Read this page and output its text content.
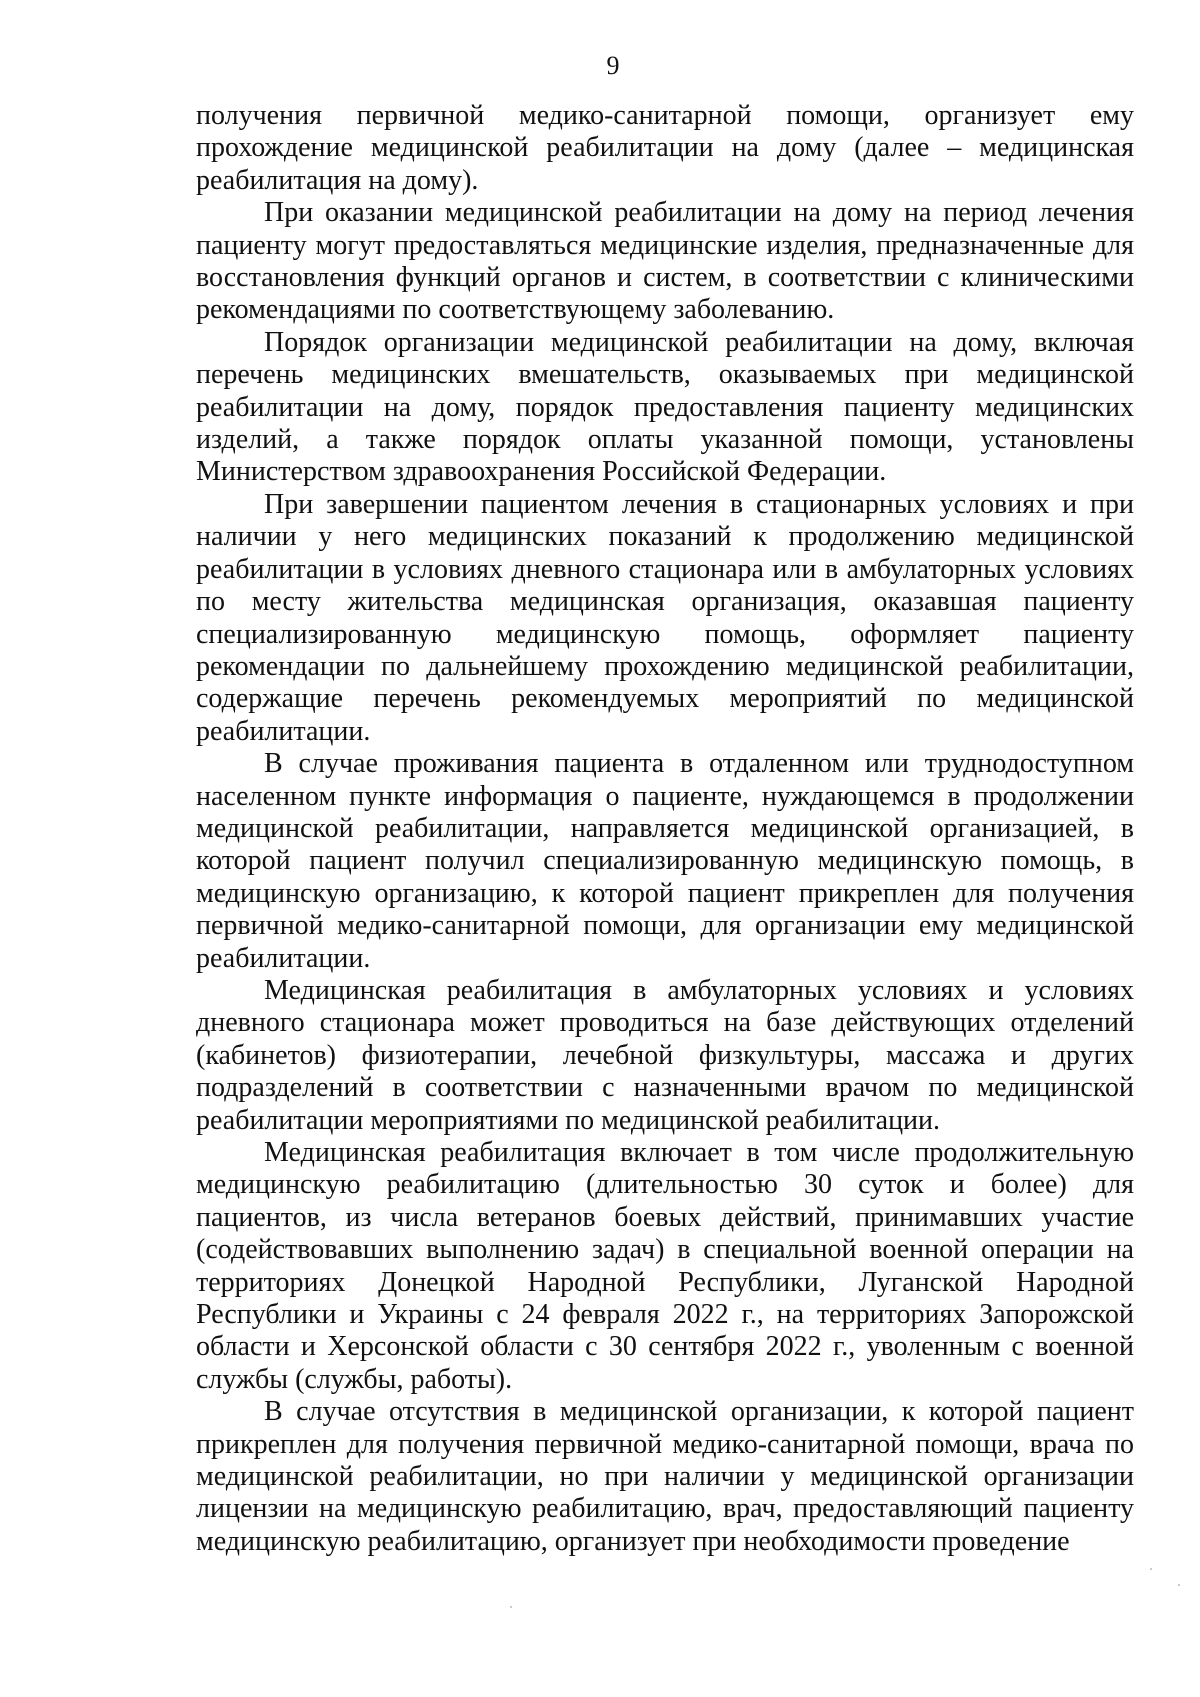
9

получения первичной медико-санитарной помощи, организует ему прохождение медицинской реабилитации на дому (далее – медицинская реабилитация на дому).

При оказании медицинской реабилитации на дому на период лечения пациенту могут предоставляться медицинские изделия, предназначенные для восстановления функций органов и систем, в соответствии с клиническими рекомендациями по соответствующему заболеванию.

Порядок организации медицинской реабилитации на дому, включая перечень медицинских вмешательств, оказываемых при медицинской реабилитации на дому, порядок предоставления пациенту медицинских изделий, а также порядок оплаты указанной помощи, установлены Министерством здравоохранения Российской Федерации.

При завершении пациентом лечения в стационарных условиях и при наличии у него медицинских показаний к продолжению медицинской реабилитации в условиях дневного стационара или в амбулаторных условиях по месту жительства медицинская организация, оказавшая пациенту специализированную медицинскую помощь, оформляет пациенту рекомендации по дальнейшему прохождению медицинской реабилитации, содержащие перечень рекомендуемых мероприятий по медицинской реабилитации.

В случае проживания пациента в отдаленном или труднодоступном населенном пункте информация о пациенте, нуждающемся в продолжении медицинской реабилитации, направляется медицинской организацией, в которой пациент получил специализированную медицинскую помощь, в медицинскую организацию, к которой пациент прикреплен для получения первичной медико-санитарной помощи, для организации ему медицинской реабилитации.

Медицинская реабилитация в амбулаторных условиях и условиях дневного стационара может проводиться на базе действующих отделений (кабинетов) физиотерапии, лечебной физкультуры, массажа и других подразделений в соответствии с назначенными врачом по медицинской реабилитации мероприятиями по медицинской реабилитации.

Медицинская реабилитация включает в том числе продолжительную медицинскую реабилитацию (длительностью 30 суток и более) для пациентов, из числа ветеранов боевых действий, принимавших участие (содействовавших выполнению задач) в специальной военной операции на территориях Донецкой Народной Республики, Луганской Народной Республики и Украины с 24 февраля 2022 г., на территориях Запорожской области и Херсонской области с 30 сентября 2022 г., уволенным с военной службы (службы, работы).

В случае отсутствия в медицинской организации, к которой пациент прикреплен для получения первичной медико-санитарной помощи, врача по медицинской реабилитации, но при наличии у медицинской организации лицензии на медицинскую реабилитацию, врач, предоставляющий пациенту медицинскую реабилитацию, организует при необходимости проведение
